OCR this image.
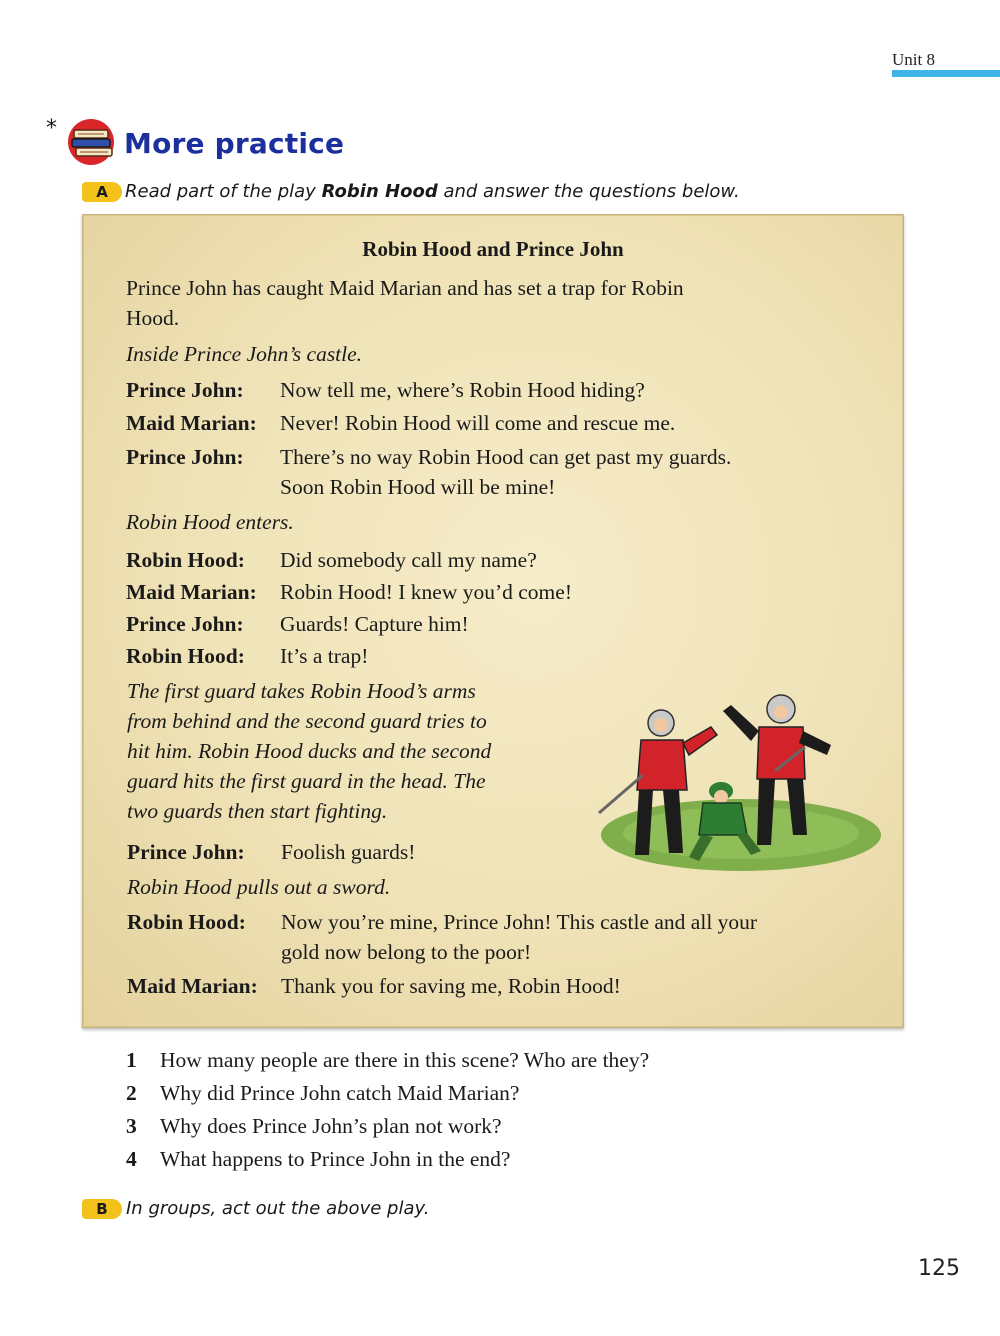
Unit 8
* More practice
A Read part of the play Robin Hood and answer the questions below.
Robin Hood and Prince John
Prince John has caught Maid Marian and has set a trap for Robin
Hood.
Inside Prince John’s castle.
Prince John: Now tell me, where’s Robin Hood hiding?
Maid Marian: Never! Robin Hood will come and rescue me.
Prince John: There’s no way Robin Hood can get past my guards.
Soon Robin Hood will be mine!
Robin Hood enters.
Robin Hood: Did somebody call my name?
Maid Marian: Robin Hood! I knew you’d come!
Prince John: Guards! Capture him!
Robin Hood: It’s a trap!
The first guard takes Robin Hood’s arms
from behind and the second guard tries to
hit him. Robin Hood ducks and the second
guard hits the first guard in the head. The
two guards then start fighting.
Prince John: Foolish guards!
Robin Hood pulls out a sword.
Robin Hood: Now you’re mine, Prince John! This castle and all your
gold now belong to the poor!
Maid Marian: Thank you for saving me, Robin Hood!
1 How many people are there in this scene? Who are they?
2 Why did Prince John catch Maid Marian?
3 Why does Prince John’s plan not work?
4 What happens to Prince John in the end?
B	In groups, act out the above play.
125
